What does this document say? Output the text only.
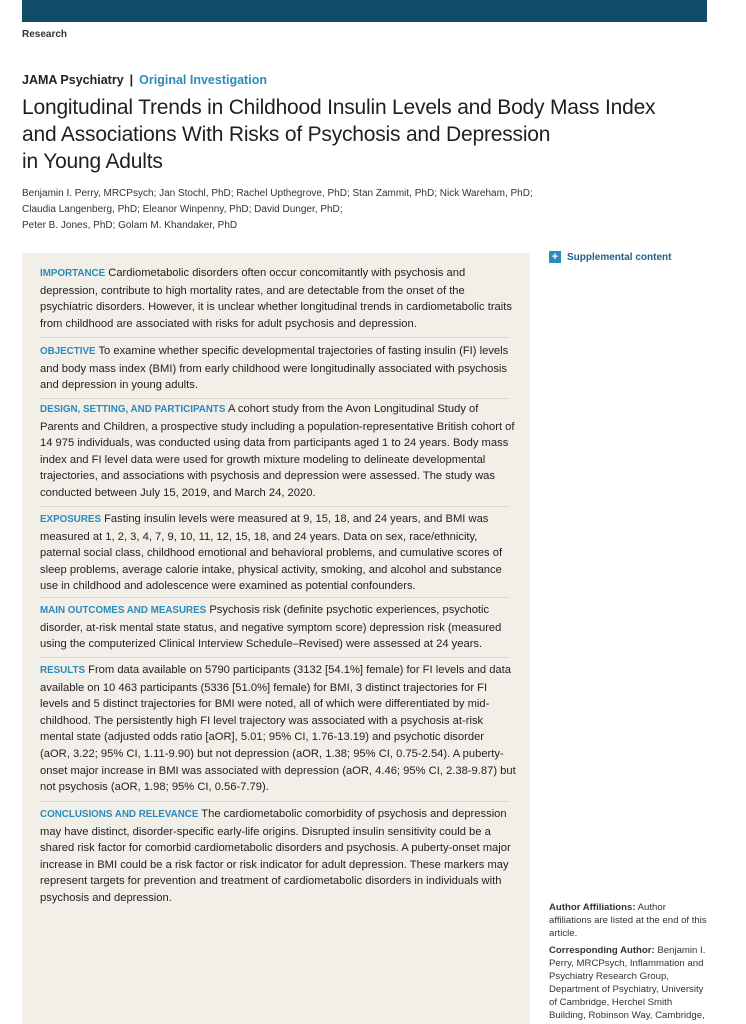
Research
JAMA Psychiatry | Original Investigation
Longitudinal Trends in Childhood Insulin Levels and Body Mass Index
and Associations With Risks of Psychosis and Depression
in Young Adults
Benjamin I. Perry, MRCPsych; Jan Stochl, PhD; Rachel Upthegrove, PhD; Stan Zammit, PhD; Nick Wareham, PhD;
Claudia Langenberg, PhD; Eleanor Winpenny, PhD; David Dunger, PhD;
Peter B. Jones, PhD; Golam M. Khandaker, PhD
+ Supplemental content
IMPORTANCE Cardiometabolic disorders often occur concomitantly with psychosis and depression, contribute to high mortality rates, and are detectable from the onset of the psychiatric disorders. However, it is unclear whether longitudinal trends in cardiometabolic traits from childhood are associated with risks for adult psychosis and depression.
OBJECTIVE To examine whether specific developmental trajectories of fasting insulin (FI) levels and body mass index (BMI) from early childhood were longitudinally associated with psychosis and depression in young adults.
DESIGN, SETTING, AND PARTICIPANTS A cohort study from the Avon Longitudinal Study of Parents and Children, a prospective study including a population-representative British cohort of 14 975 individuals, was conducted using data from participants aged 1 to 24 years. Body mass index and FI level data were used for growth mixture modeling to delineate developmental trajectories, and associations with psychosis and depression were assessed. The study was conducted between July 15, 2019, and March 24, 2020.
EXPOSURES Fasting insulin levels were measured at 9, 15, 18, and 24 years, and BMI was measured at 1, 2, 3, 4, 7, 9, 10, 11, 12, 15, 18, and 24 years. Data on sex, race/ethnicity, paternal social class, childhood emotional and behavioral problems, and cumulative scores of sleep problems, average calorie intake, physical activity, smoking, and alcohol and substance use in childhood and adolescence were examined as potential confounders.
MAIN OUTCOMES AND MEASURES Psychosis risk (definite psychotic experiences, psychotic disorder, at-risk mental state status, and negative symptom score) depression risk (measured using the computerized Clinical Interview Schedule–Revised) were assessed at 24 years.
RESULTS From data available on 5790 participants (3132 [54.1%] female) for FI levels and data available on 10 463 participants (5336 [51.0%] female) for BMI, 3 distinct trajectories for FI levels and 5 distinct trajectories for BMI were noted, all of which were differentiated by mid-childhood. The persistently high FI level trajectory was associated with a psychosis at-risk mental state (adjusted odds ratio [aOR], 5.01; 95% CI, 1.76-13.19) and psychotic disorder (aOR, 3.22; 95% CI, 1.11-9.90) but not depression (aOR, 1.38; 95% CI, 0.75-2.54). A puberty-onset major increase in BMI was associated with depression (aOR, 4.46; 95% CI, 2.38-9.87) but not psychosis (aOR, 1.98; 95% CI, 0.56-7.79).
CONCLUSIONS AND RELEVANCE The cardiometabolic comorbidity of psychosis and depression may have distinct, disorder-specific early-life origins. Disrupted insulin sensitivity could be a shared risk factor for comorbid cardiometabolic disorders and psychosis. A puberty-onset major increase in BMI could be a risk factor or risk indicator for adult depression. These markers may represent targets for prevention and treatment of cardiometabolic disorders in individuals with psychosis and depression.
Author Affiliations: Author affiliations are listed at the end of this article.
Corresponding Author: Benjamin I. Perry, MRCPsych, Inflammation and Psychiatry Research Group, Department of Psychiatry, University of Cambridge, Herchel Smith Building, Robinson Way, Cambridge,
